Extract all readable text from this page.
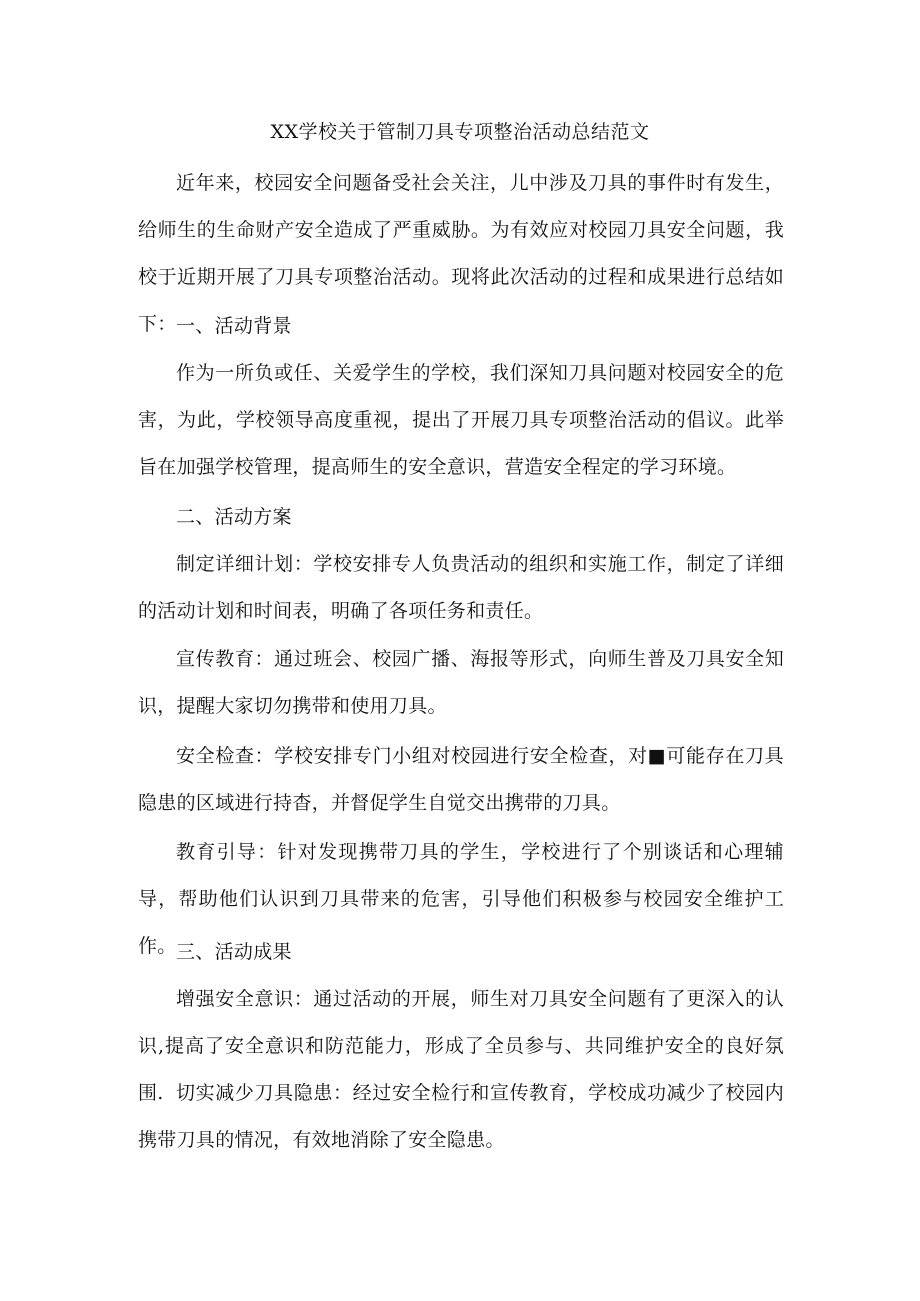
XX学校关于管制刀具专项整治活动总结范文

近年来，校园安全问题备受社会关注，儿中涉及刀具的事件时有发生，给师生的生命财产安全造成了严重威胁。为有效应对校园刀具安全问题，我校于近期开展了刀具专项整治活动。现将此次活动的过程和成果进行总结如下： 一、活动背景

作为一所负或任、关爱学生的学校，我们深知刀具问题对校园安全的危害，为此，学校领导高度重视，提出了开展刀具专项整治活动的倡议。此举旨在加强学校管理，提高师生的安全意识，营造安全程定的学习环境。

二、活动方案

制定详细计划：学校安排专人负贵活动的组织和实施工作，制定了详细的活动计划和时间表，明确了各项任务和责任。

宣传教育：通过班会、校园广播、海报等形式，向师生普及刀具安全知识，提醒大家切勿携带和使用刀具。

安全检查：学校安排专门小组对校园进行安全检查，对■可能存在刀具隐患的区域进行持杳，并督促学生自觉交出携带的刀具。

教育引导：针对发现携带刀具的学生，学校进行了个别谈话和心理辅导，帮助他们认识到刀具带来的危害，引导他们积极参与校园安全维护工作。 三、活动成果

增强安全意识：通过活动的开展，师生对刀具安全问题有了更深入的认识,提高了安全意识和防范能力，形成了全员参与、共同维护安全的良好氛围. 切实减少刀具隐患：经过安全检行和宣传教育，学校成功减少了校园内携带刀具的情况，有效地消除了安全隐患。
